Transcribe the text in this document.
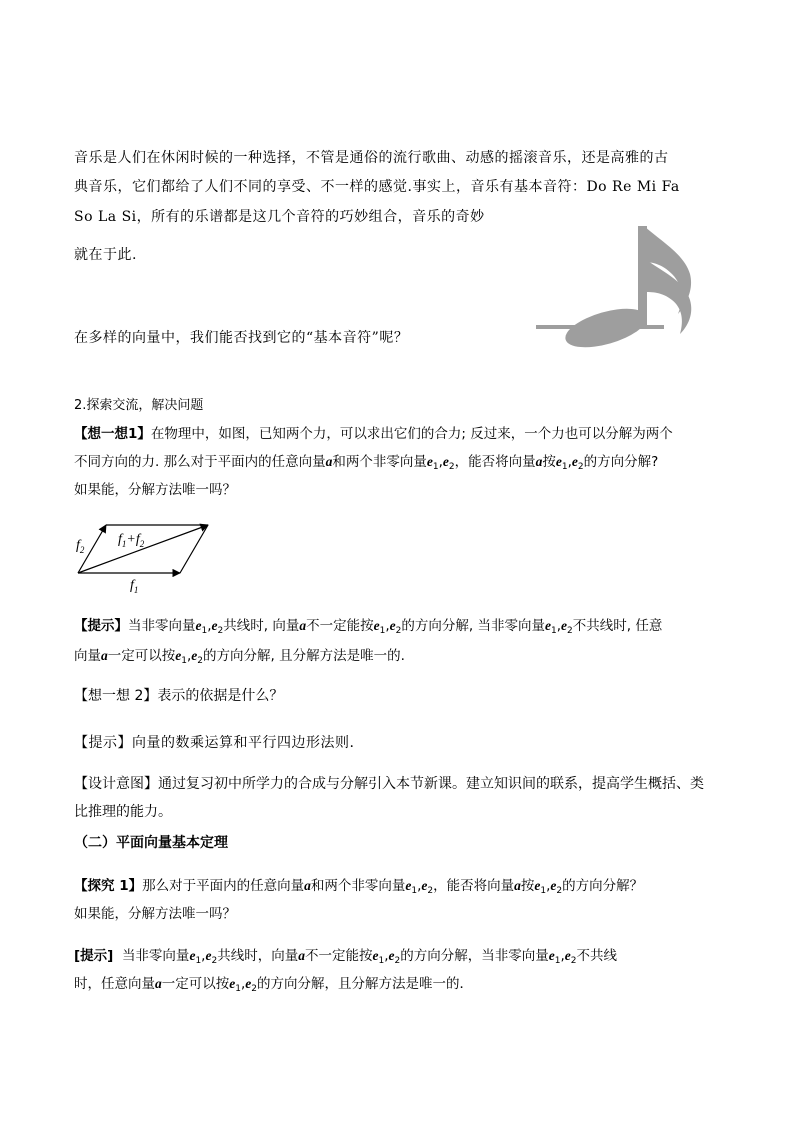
音乐是人们在休闲时候的一种选择，不管是通俗的流行歌曲、动感的摇滚音乐，还是高雅的古
典音乐，它们都给了人们不同的享受、不一样的感觉.事实上，音乐有基本音符：Do Re Mi Fa
So La Si，所有的乐谱都是这几个音符的巧妙组合，音乐的奇妙
就在于此.
在多样的向量中，我们能否找到它的“基本音符”呢？
2.探索交流，解决问题
【想一想1】在物理中，如图，已知两个力，可以求出它们的合力; 反过来，一个力也可以分解为两个
不同方向的力. 那么对于平面内的任意向量a和两个非零向量$e_1,e_2$，能否将向量a按$e_1,e_2$的方向分解?
如果能，分解方法唯一吗？
$f_2$
$f_1+f_2$
$f_1$
【提示】当非零向量$e_1,e_2$共线时, 向量a不一定能按$e_1,e_2$的方向分解, 当非零向量$e_1,e_2$不共线时, 任意
向量a一定可以按$e_1,e_2$的方向分解, 且分解方法是唯一的.
【想一想 2】表示的依据是什么？
【提示】向量的数乘运算和平行四边形法则.
【设计意图】通过复习初中所学力的合成与分解引入本节新课。建立知识间的联系，提高学生概括、类
比推理的能力。
（二）平面向量基本定理
【探究 1】那么对于平面内的任意向量a和两个非零向量$e_1,e_2$，能否将向量a按$e_1,e_2$的方向分解？
如果能，分解方法唯一吗？
[提示] 当非零向量$e_1,e_2$共线时，向量a不一定能按$e_1,e_2$的方向分解，当非零向量$e_1,e_2$不共线
时，任意向量a一定可以按$e_1,e_2$的方向分解，且分解方法是唯一的．
